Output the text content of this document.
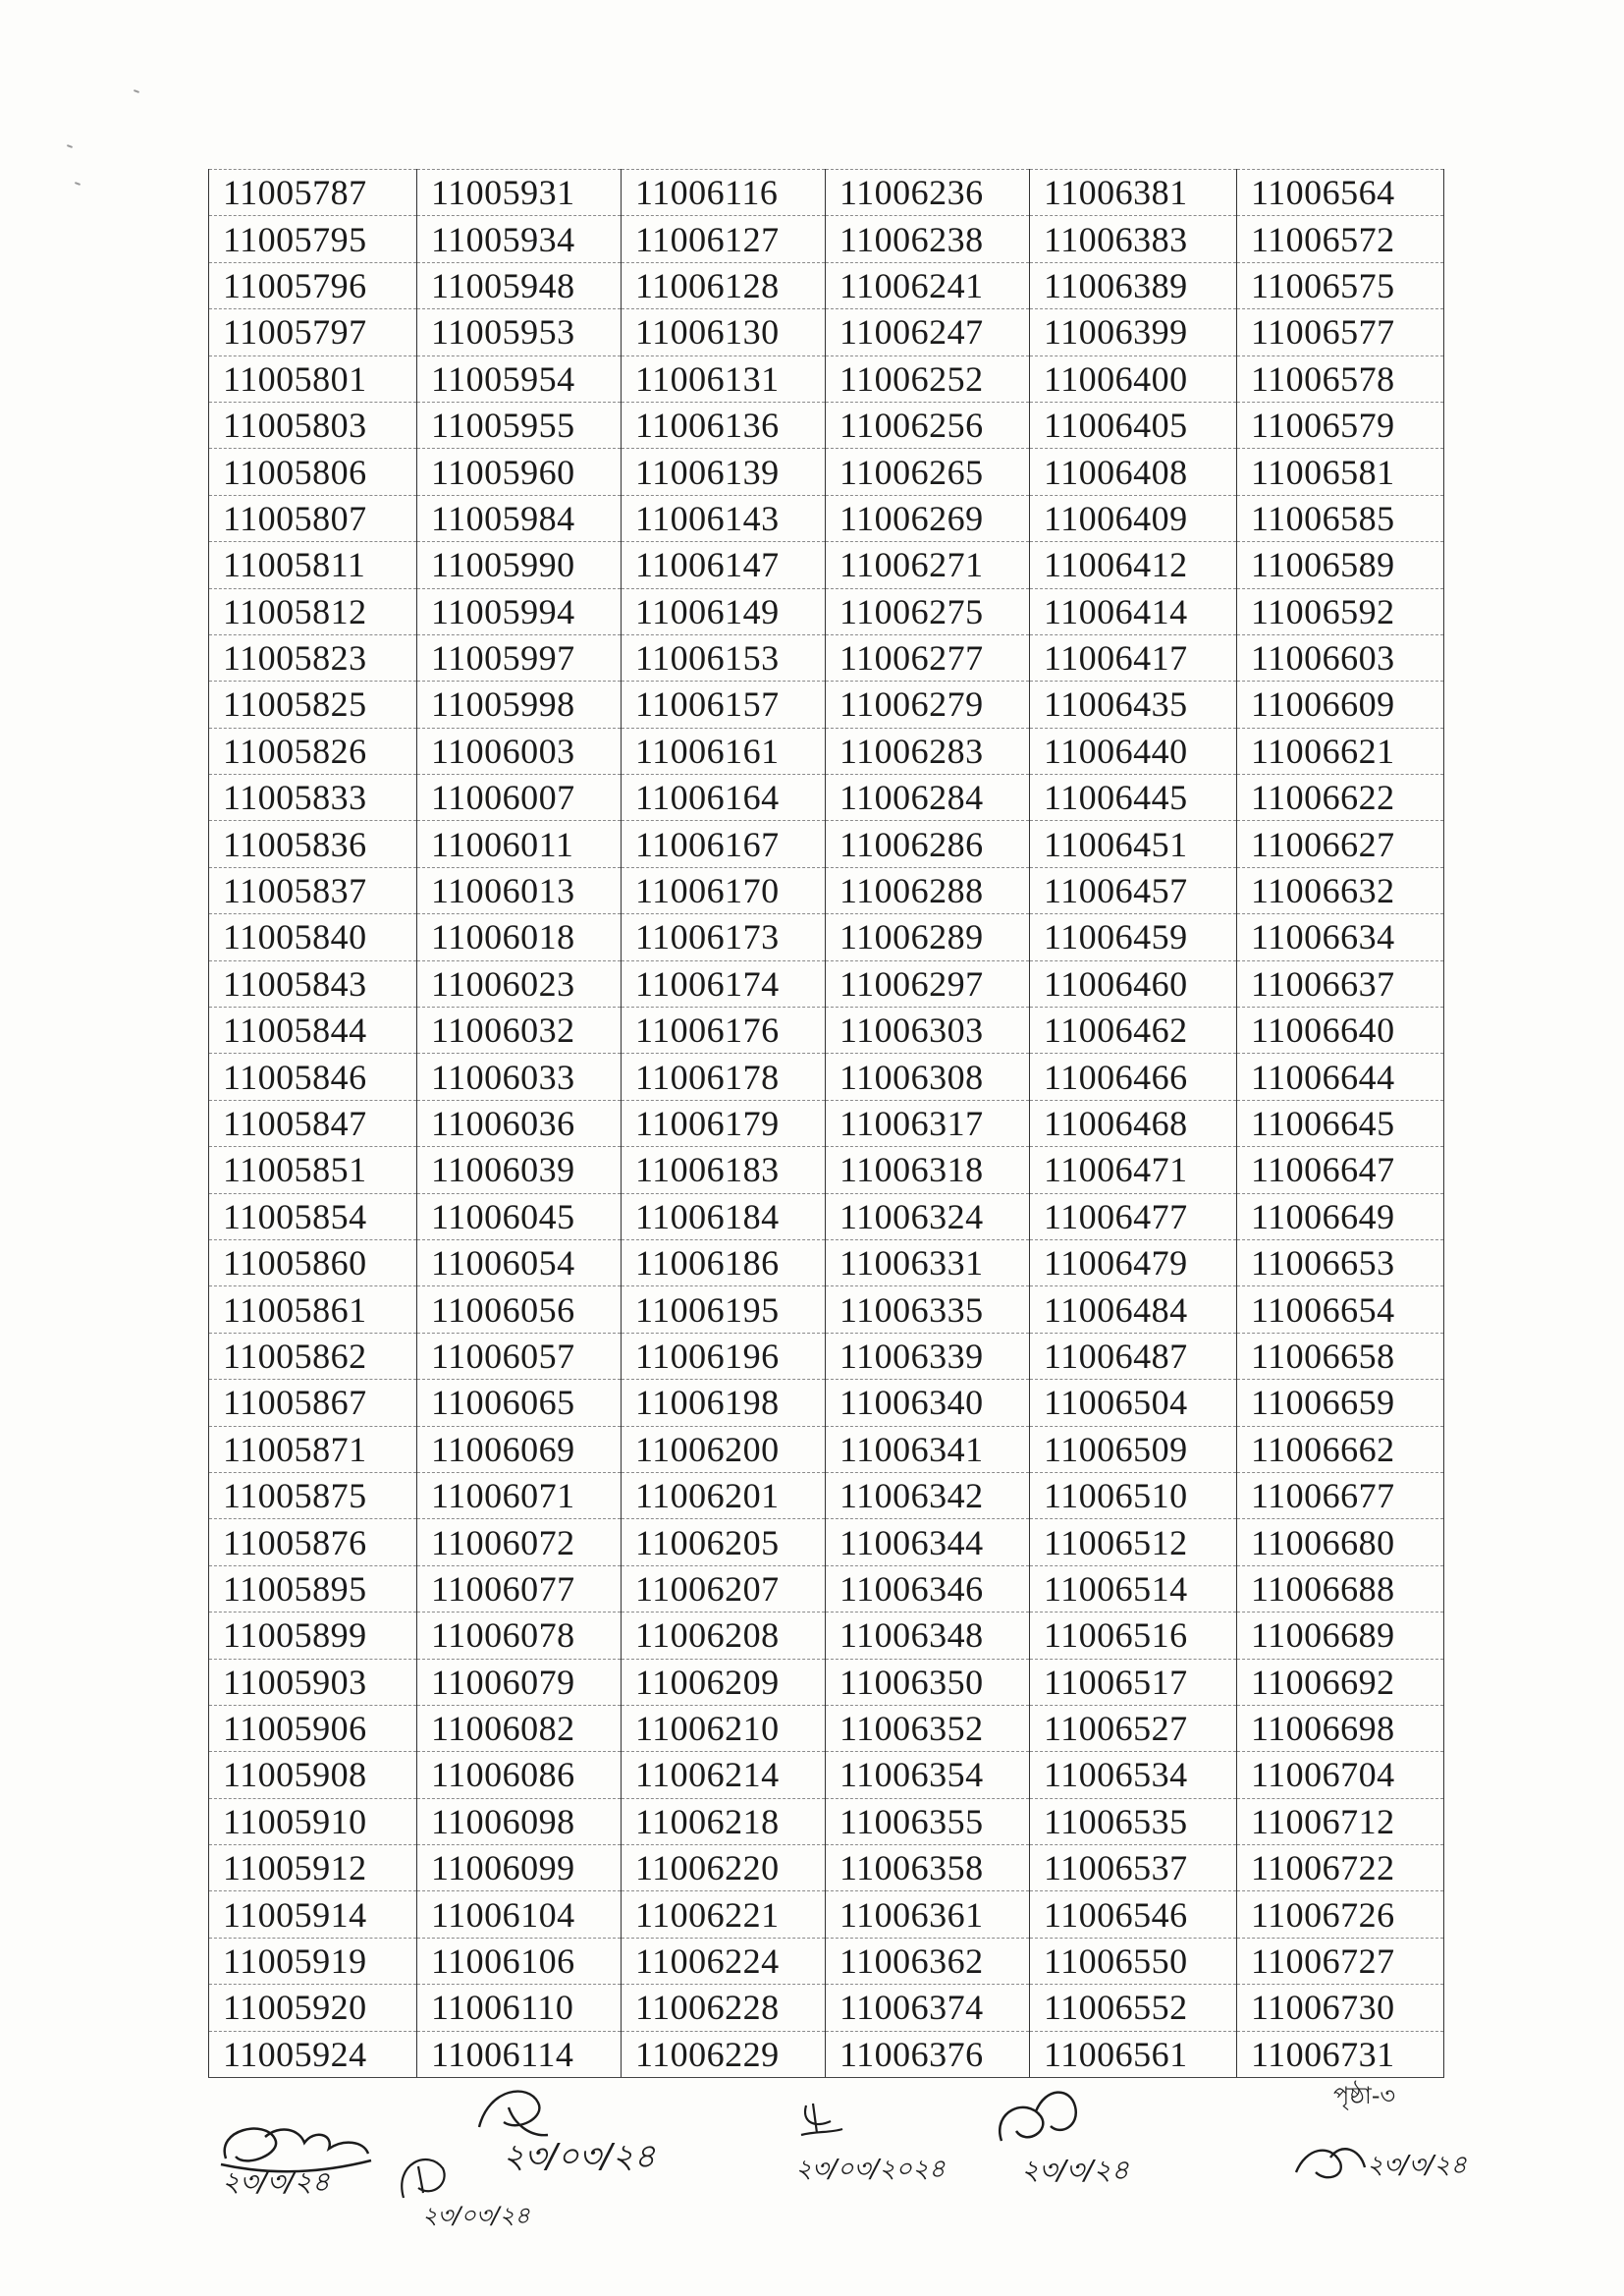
11005787	11005931	11006116	11006236	11006381	11006564
11005795	11005934	11006127	11006238	11006383	11006572
11005796	11005948	11006128	11006241	11006389	11006575
11005797	11005953	11006130	11006247	11006399	11006577
11005801	11005954	11006131	11006252	11006400	11006578
11005803	11005955	11006136	11006256	11006405	11006579
11005806	11005960	11006139	11006265	11006408	11006581
11005807	11005984	11006143	11006269	11006409	11006585
11005811	11005990	11006147	11006271	11006412	11006589
11005812	11005994	11006149	11006275	11006414	11006592
11005823	11005997	11006153	11006277	11006417	11006603
11005825	11005998	11006157	11006279	11006435	11006609
11005826	11006003	11006161	11006283	11006440	11006621
11005833	11006007	11006164	11006284	11006445	11006622
11005836	11006011	11006167	11006286	11006451	11006627
11005837	11006013	11006170	11006288	11006457	11006632
11005840	11006018	11006173	11006289	11006459	11006634
11005843	11006023	11006174	11006297	11006460	11006637
11005844	11006032	11006176	11006303	11006462	11006640
11005846	11006033	11006178	11006308	11006466	11006644
11005847	11006036	11006179	11006317	11006468	11006645
11005851	11006039	11006183	11006318	11006471	11006647
11005854	11006045	11006184	11006324	11006477	11006649
11005860	11006054	11006186	11006331	11006479	11006653
11005861	11006056	11006195	11006335	11006484	11006654
11005862	11006057	11006196	11006339	11006487	11006658
11005867	11006065	11006198	11006340	11006504	11006659
11005871	11006069	11006200	11006341	11006509	11006662
11005875	11006071	11006201	11006342	11006510	11006677
11005876	11006072	11006205	11006344	11006512	11006680
11005895	11006077	11006207	11006346	11006514	11006688
11005899	11006078	11006208	11006348	11006516	11006689
11005903	11006079	11006209	11006350	11006517	11006692
11005906	11006082	11006210	11006352	11006527	11006698
11005908	11006086	11006214	11006354	11006534	11006704
11005910	11006098	11006218	11006355	11006535	11006712
11005912	11006099	11006220	11006358	11006537	11006722
11005914	11006104	11006221	11006361	11006546	11006726
11005919	11006106	11006224	11006362	11006550	11006727
11005920	11006110	11006228	11006374	11006552	11006730
11005924	11006114	11006229	11006376	11006561	11006731
পৃষ্ঠা-৩
২৩/৩/২৪
২৩/০৩/২৪
২৩/০৩/২৪	২৩/০৩/২০২৪	২৩/৩/২৪	২৩/৩/২৪
